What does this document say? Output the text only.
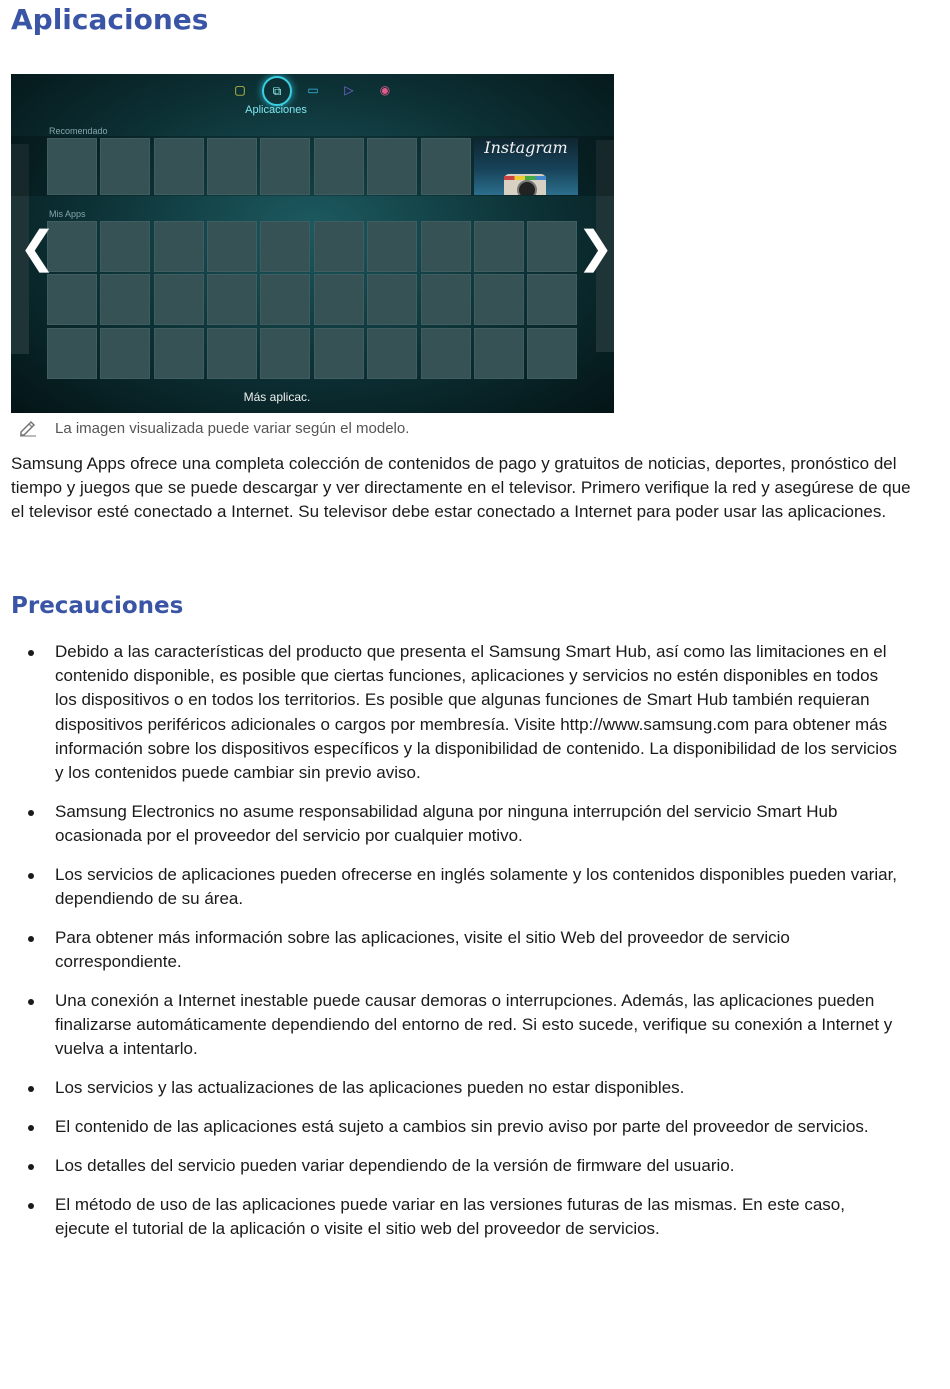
Aplicaciones
▢	⧉	▭	▷	◉
Aplicaciones
Recomendado
Instagram
Mis Apps
❮	❯
Más aplicac.
La imagen visualizada puede variar según el modelo.

Samsung Apps ofrece una completa colección de contenidos de pago y gratuitos de noticias, deportes, pronóstico del tiempo y juegos que se puede descargar y ver directamente en el televisor. Primero verifique la red y asegúrese de que el televisor esté conectado a Internet. Su televisor debe estar conectado a Internet para poder usar las aplicaciones.

Precauciones

Debido a las características del producto que presenta el Samsung Smart Hub, así como las limitaciones en el contenido disponible, es posible que ciertas funciones, aplicaciones y servicios no estén disponibles en todos los dispositivos o en todos los territorios. Es posible que algunas funciones de Smart Hub también requieran dispositivos periféricos adicionales o cargos por membresía. Visite http://www.samsung.com para obtener más información sobre los dispositivos específicos y la disponibilidad de contenido. La disponibilidad de los servicios y los contenidos puede cambiar sin previo aviso.

Samsung Electronics no asume responsabilidad alguna por ninguna interrupción del servicio Smart Hub ocasionada por el proveedor del servicio por cualquier motivo.

Los servicios de aplicaciones pueden ofrecerse en inglés solamente y los contenidos disponibles pueden variar, dependiendo de su área.

Para obtener más información sobre las aplicaciones, visite el sitio Web del proveedor de servicio correspondiente.

Una conexión a Internet inestable puede causar demoras o interrupciones. Además, las aplicaciones pueden finalizarse automáticamente dependiendo del entorno de red. Si esto sucede, verifique su conexión a Internet y vuelva a intentarlo.

Los servicios y las actualizaciones de las aplicaciones pueden no estar disponibles.

El contenido de las aplicaciones está sujeto a cambios sin previo aviso por parte del proveedor de servicios.

Los detalles del servicio pueden variar dependiendo de la versión de firmware del usuario.

El método de uso de las aplicaciones puede variar en las versiones futuras de las mismas. En este caso, ejecute el tutorial de la aplicación o visite el sitio web del proveedor de servicios.
